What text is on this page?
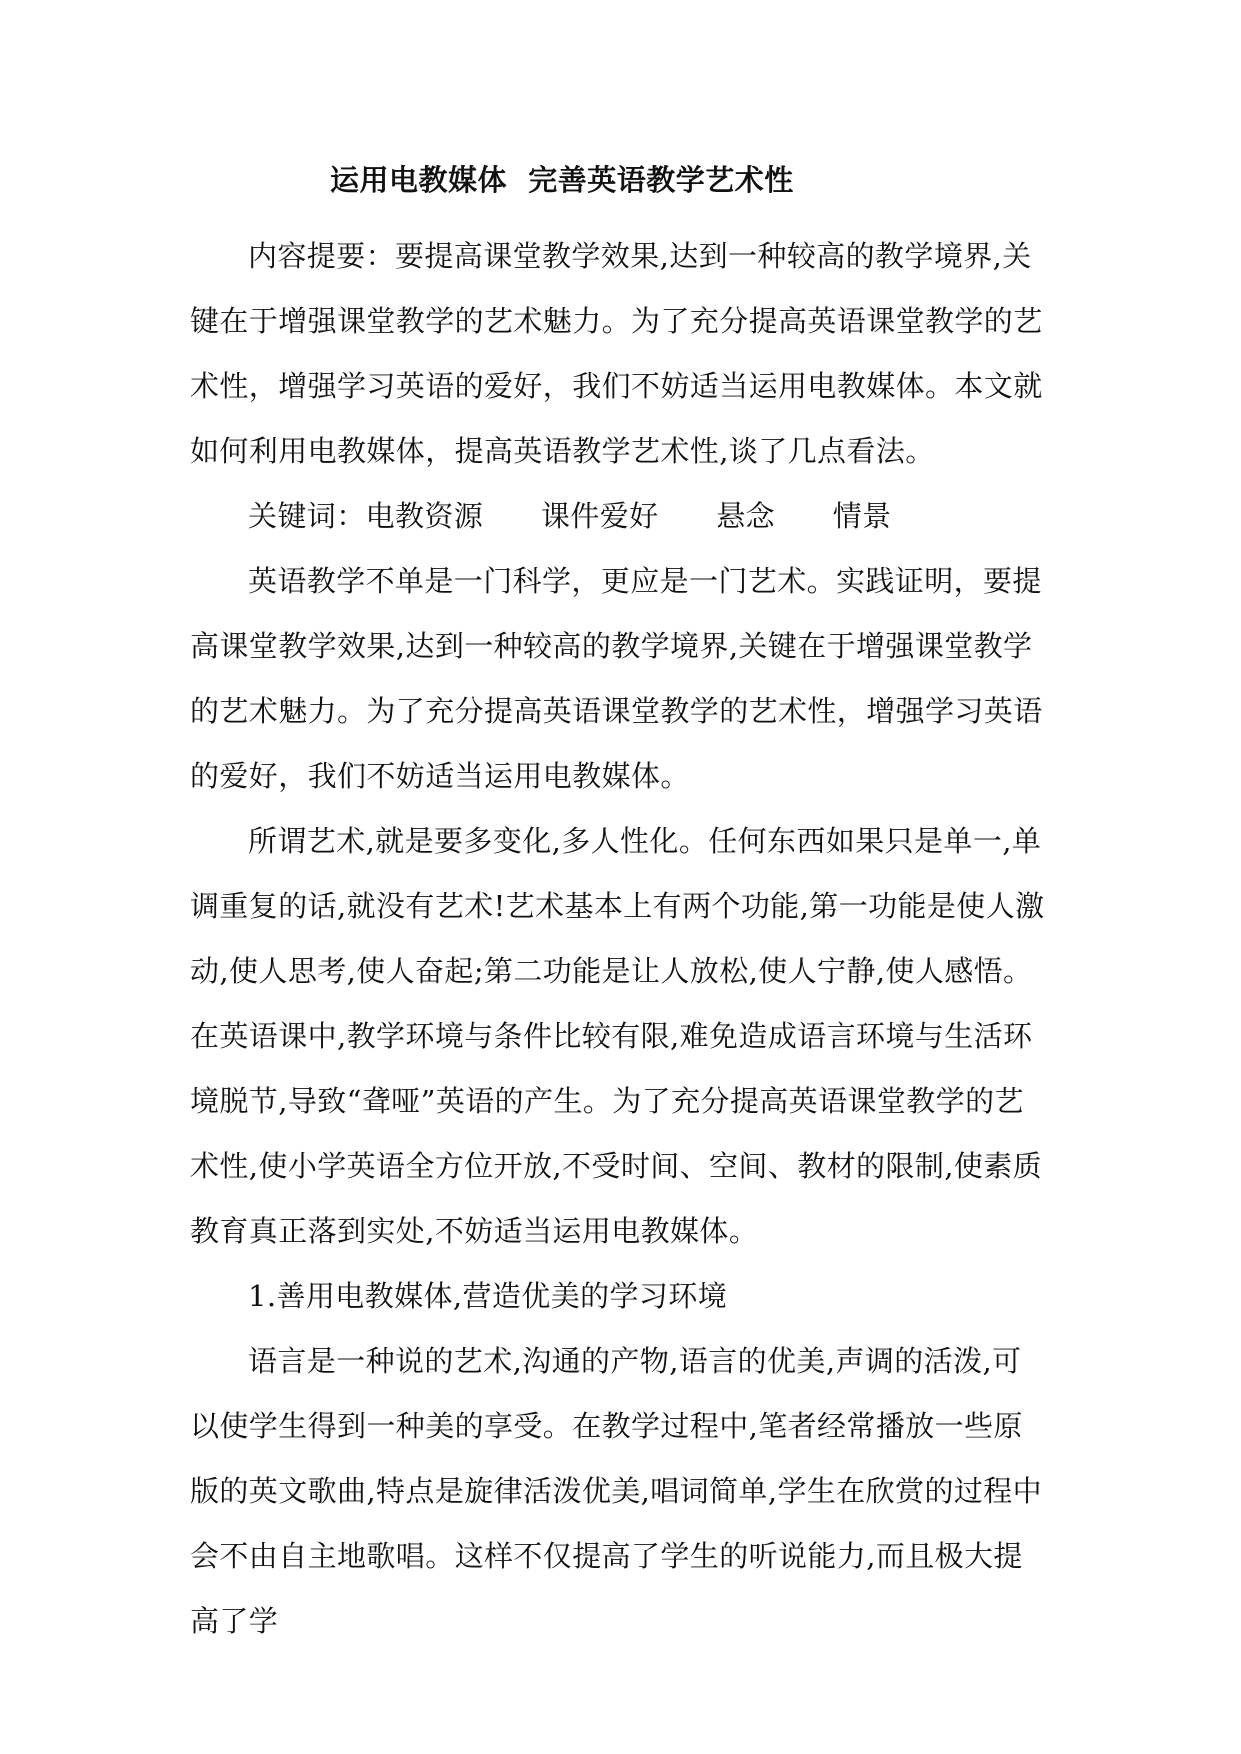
运用电教媒体  完善英语教学艺术性

内容提要：要提高课堂教学效果,达到一种较高的教学境界,关键在于增强课堂教学的艺术魅力。为了充分提高英语课堂教学的艺术性，增强学习英语的爱好，我们不妨适当运用电教媒体。本文就如何利用电教媒体，提高英语教学艺术性,谈了几点看法。

关键词：电教资源      课件爱好      悬念      情景

英语教学不单是一门科学，更应是一门艺术。实践证明，要提高课堂教学效果,达到一种较高的教学境界,关键在于增强课堂教学的艺术魅力。为了充分提高英语课堂教学的艺术性，增强学习英语的爱好，我们不妨适当运用电教媒体。

所谓艺术,就是要多变化,多人性化。任何东西如果只是单一,单调重复的话,就没有艺术!艺术基本上有两个功能,第一功能是使人激动,使人思考,使人奋起;第二功能是让人放松,使人宁静,使人感悟。在英语课中,教学环境与条件比较有限,难免造成语言环境与生活环境脱节,导致“聋哑”英语的产生。为了充分提高英语课堂教学的艺术性,使小学英语全方位开放,不受时间、空间、教材的限制,使素质教育真正落到实处,不妨适当运用电教媒体。

1.善用电教媒体,营造优美的学习环境

语言是一种说的艺术,沟通的产物,语言的优美,声调的活泼,可以使学生得到一种美的享受。在教学过程中,笔者经常播放一些原版的英文歌曲,特点是旋律活泼优美,唱词简单,学生在欣赏的过程中会不由自主地歌唱。这样不仅提高了学生的听说能力,而且极大提高了学
